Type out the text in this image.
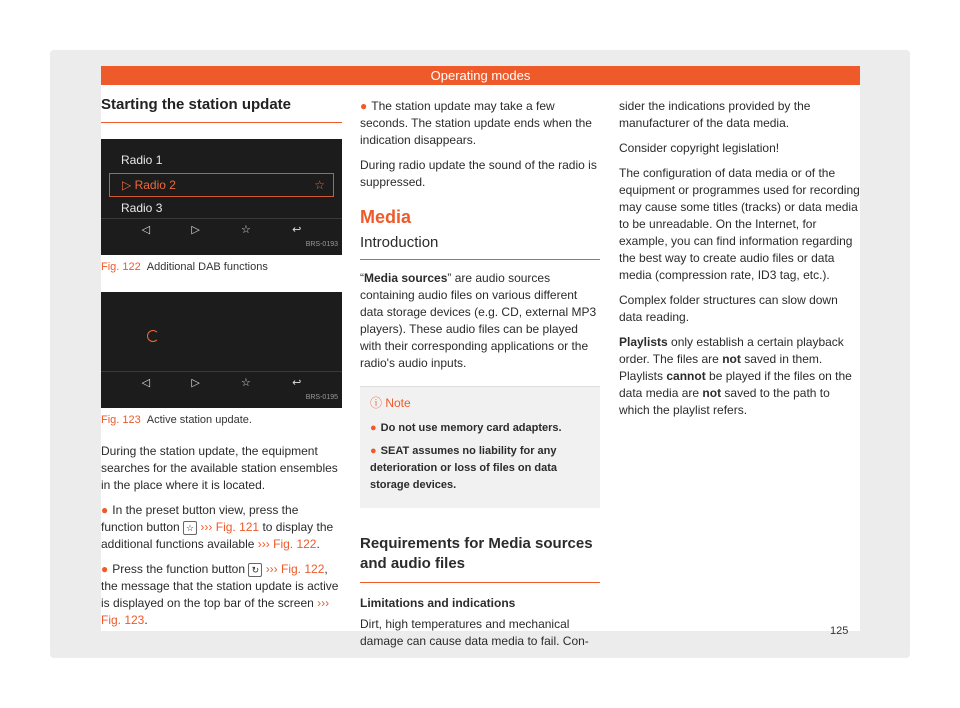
Operating modes
Starting the station update
Radio 1
▷ Radio 2	☆
Radio 3
◁	▷	☆	↩
BRS-0193
Fig. 122 Additional DAB functions
◁	▷	☆	↩
BRS-0195
Fig. 123 Active station update.

During the station update, the equipment searches for the available station ensembles in the place where it is located.

● In the preset button view, press the function button ☆ ››› Fig. 121 to display the additional functions available ››› Fig. 122.

● Press the function button ↻ ››› Fig. 122, the message that the station update is active is displayed on the top bar of the screen ››› Fig. 123.

● The station update may take a few seconds. The station update ends when the indication disappears.

During radio update the sound of the radio is suppressed.

Media
Introduction

“Media sources” are audio sources containing audio files on various different data storage devices (e.g. CD, external MP3 players). These audio files can be played with their corresponding applications or the radio's audio inputs.

ⓘ Note

● Do not use memory card adapters.

● SEAT assumes no liability for any deterioration or loss of files on data storage devices.

Requirements for Media sources and audio files

Limitations and indications

Dirt, high temperatures and mechanical damage can cause data media to fail. Con-

sider the indications provided by the manufacturer of the data media.

Consider copyright legislation!

The configuration of data media or of the equipment or programmes used for recording may cause some titles (tracks) or data media to be unreadable. On the Internet, for example, you can find information regarding the best way to create audio files or data media (compression rate, ID3 tag, etc.).

Complex folder structures can slow down data reading.

Playlists only establish a certain playback order. The files are not saved in them. Playlists cannot be played if the files on the data media are not saved to the path to which the playlist refers.

125
